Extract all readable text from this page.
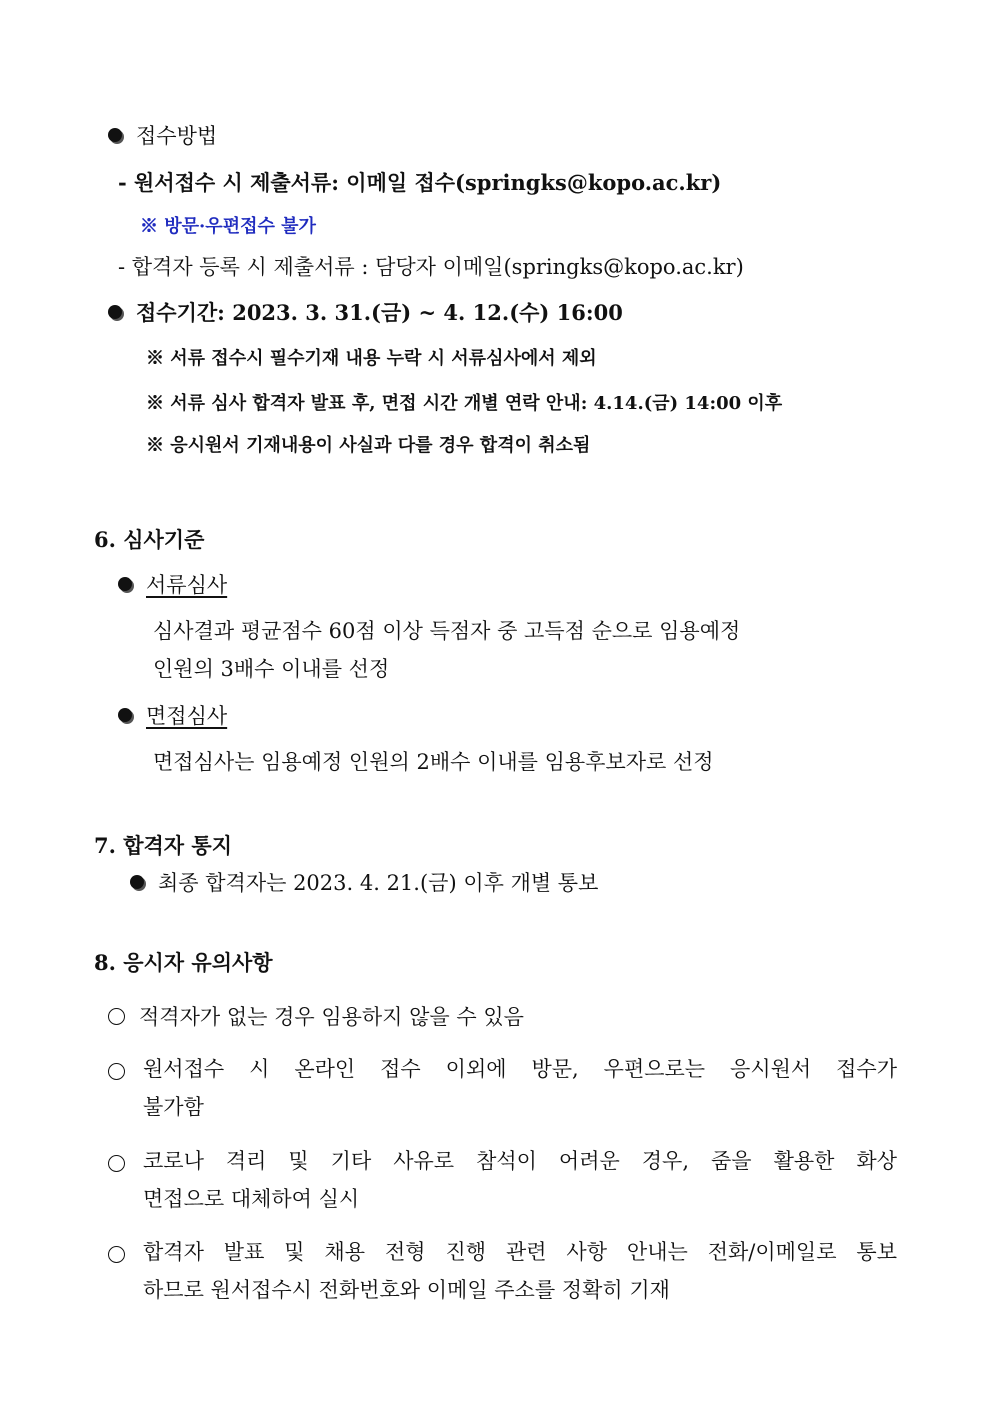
접수방법
- 원서접수 시 제출서류: 이메일 접수(springks@kopo.ac.kr)
※ 방문·우편접수 불가
- 합격자 등록 시 제출서류 : 담당자 이메일(springks@kopo.ac.kr)
접수기간: 2023. 3. 31.(금) ~ 4. 12.(수) 16:00
※ 서류 접수시 필수기재 내용 누락 시 서류심사에서 제외
※ 서류 심사 합격자 발표 후, 면접 시간 개별 연락 안내: 4.14.(금) 14:00 이후
※ 응시원서 기재내용이 사실과 다를 경우 합격이 취소됨
6. 심사기준
서류심사
심사결과 평균점수 60점 이상 득점자 중 고득점 순으로 임용예정
인원의 3배수 이내를 선정
면접심사
면접심사는 임용예정 인원의 2배수 이내를 임용후보자로 선정
7. 합격자 통지
최종 합격자는 2023. 4. 21.(금) 이후 개별 통보
8. 응시자 유의사항
적격자가 없는 경우 임용하지 않을 수 있음
원서접수 시 온라인 접수 이외에 방문, 우편으로는 응시원서 접수가
불가함
코로나 격리 및 기타 사유로 참석이 어려운 경우, 줌을 활용한 화상
면접으로 대체하여 실시
합격자 발표 및 채용 전형 진행 관련 사항 안내는 전화/이메일로 통보
하므로 원서접수시 전화번호와 이메일 주소를 정확히 기재
